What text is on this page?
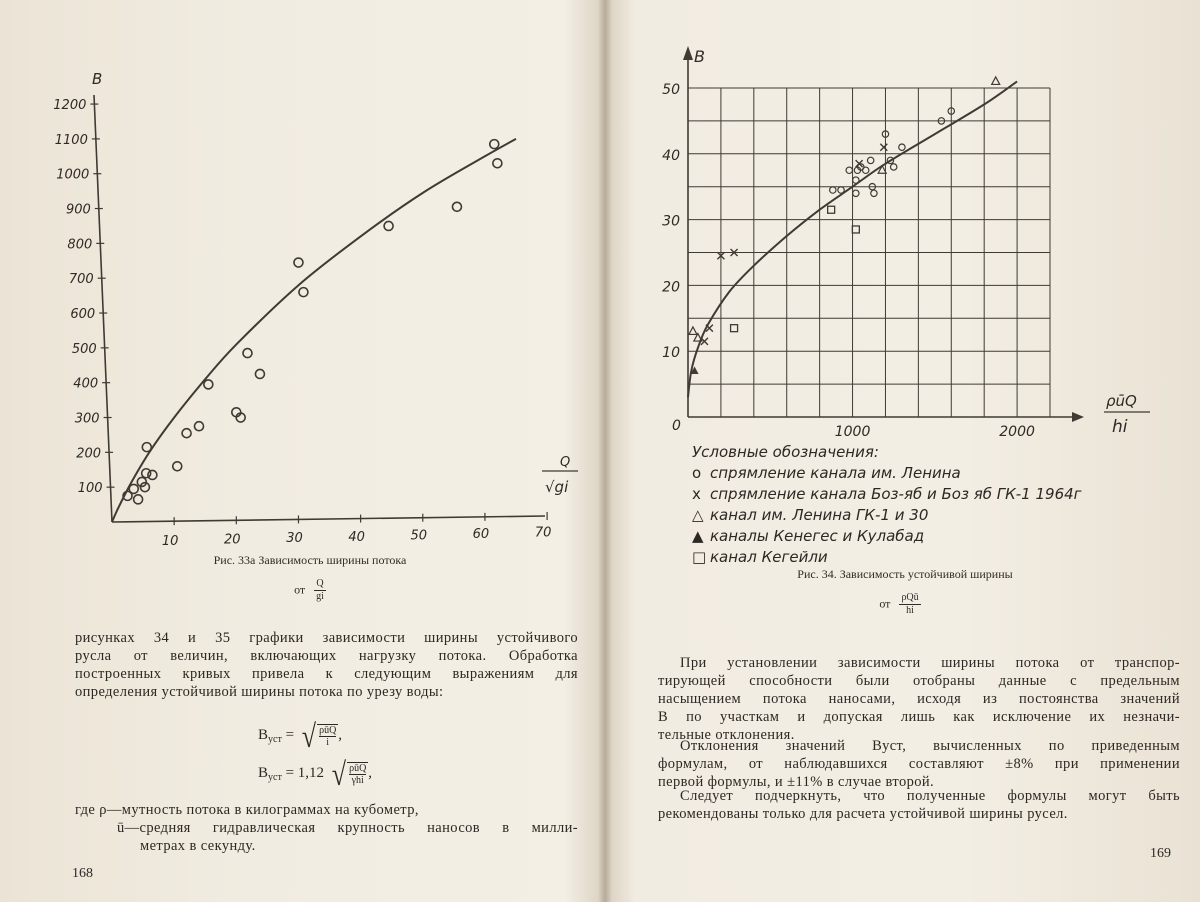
B
100
200
300
400
500
600
700
800
900
1000
1100
1200
10	20	30	40	50	60	70
Q
√gi
Рис. 33а Зависимость ширины потока
от $\frac{Q}{gi}$
рисунках 34 и 35 графики зависимости ширины устойчивого
русла от величин, включающих нагрузку потока. Обработка
построенных кривых привела к следующим выражениям для
определения устойчивой ширины потока по урезу воды:
$B_{уст}$ = √ $\frac{\text{ρūQ}}{i}$ ,
$B_{уст} = 1,12$ √ $\frac{\text{ρūQ}}{\text{γhi}}$ ,
где ρ—мутность потока в килограммах на кубометр,
ū—средняя гидравлическая крупность наносов в милли-
метрах в секунду.
168
B
0
10
20
30
40
50
1000	2000
ρūQ
hi
Условные обозначения:
o спрямление канала им. Ленина
x спрямление канала Боз-яб и Боз яб ГК-1 1964г
△ канал им. Ленина ГК-1 и 30
▲ каналы Кенегес и Кулабад
□ канал Кегейли
Рис. 34. Зависимость устойчивой ширины
от $\frac{\text{ρQū}}{hi}$
При установлении зависимости ширины потока от транспор-
тирующей способности были отобраны данные с предельным
насыщением потока наносами, исходя из постоянства значений
В по участкам и допуская лишь как исключение их незначи-
тельные отклонения.
Отклонения значений Вуст, вычисленных по приведенным
формулам, от наблюдавшихся составляют ±8% при применении
первой формулы, и ±11% в случае второй.
Следует подчеркнуть, что полученные формулы могут быть
рекомендованы только для расчета устойчивой ширины русел.
169
